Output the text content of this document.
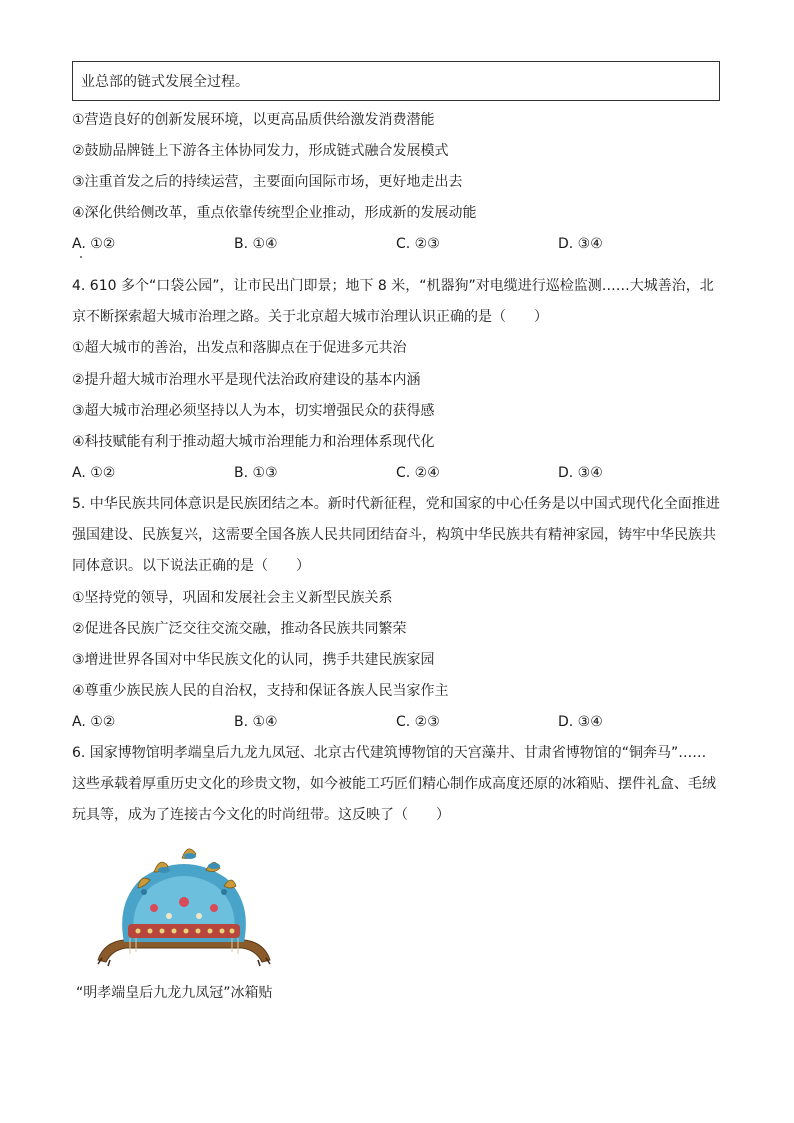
业总部的链式发展全过程。
①营造良好的创新发展环境，以更高品质供给激发消费潜能
②鼓励品牌链上下游各主体协同发力，形成链式融合发展模式
③注重首发之后的持续运营，主要面向国际市场，更好地走出去
④深化供给侧改革，重点依靠传统型企业推动，形成新的发展动能
A. ①②	B. ①④	C. ②③	D. ③④
4. 610 多个“口袋公园”，让市民出门即景；地下 8 米，“机器狗”对电缆进行巡检监测……大城善治，北
京不断探索超大城市治理之路。关于北京超大城市治理认识正确的是（　　）
①超大城市的善治，出发点和落脚点在于促进多元共治
②提升超大城市治理水平是现代法治政府建设的基本内涵
③超大城市治理必须坚持以人为本，切实增强民众的获得感
④科技赋能有利于推动超大城市治理能力和治理体系现代化
A. ①②	B. ①③	C. ②④	D. ③④
5. 中华民族共同体意识是民族团结之本。新时代新征程，党和国家的中心任务是以中国式现代化全面推进
强国建设、民族复兴，这需要全国各族人民共同团结奋斗，构筑中华民族共有精神家园，铸牢中华民族共
同体意识。以下说法正确的是（　　）
①坚持党的领导，巩固和发展社会主义新型民族关系
②促进各民族广泛交往交流交融，推动各民族共同繁荣
③增进世界各国对中华民族文化的认同，携手共建民族家园
④尊重少族民族人民的自治权，支持和保证各族人民当家作主
A. ①②	B. ①④	C. ②③	D. ③④
6. 国家博物馆明孝端皇后九龙九凤冠、北京古代建筑博物馆的天宫藻井、甘肃省博物馆的“铜奔马”……
这些承载着厚重历史文化的珍贵文物，如今被能工巧匠们精心制作成高度还原的冰箱贴、摆件礼盒、毛绒
玩具等，成为了连接古今文化的时尚纽带。这反映了（　　）
“明孝端皇后九龙九凤冠”冰箱贴
